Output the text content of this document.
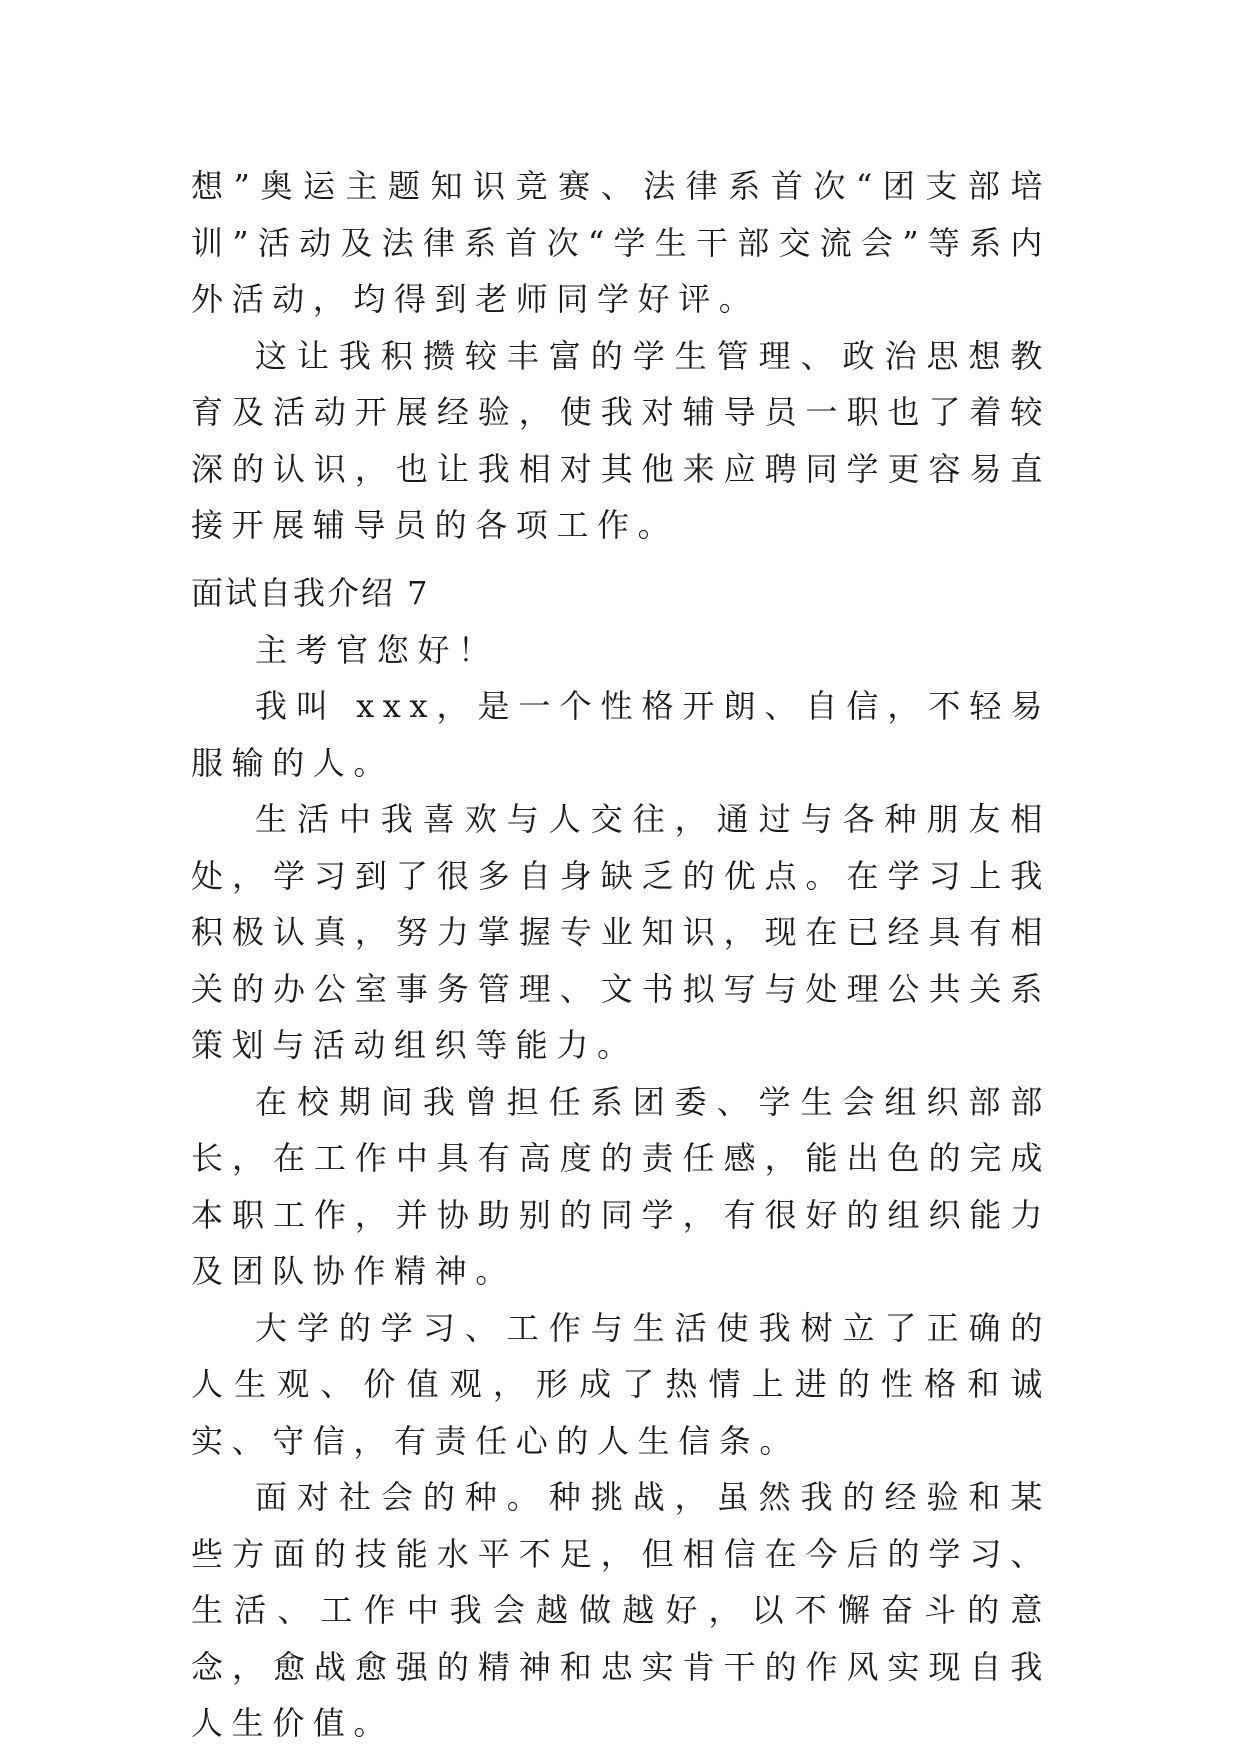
想”奥运主题知识竞赛、法律系首次“团支部培训”活动及法律系首次“学生干部交流会”等系内外活动，均得到老师同学好评。

这让我积攒较丰富的学生管理、政治思想教育及活动开展经验，使我对辅导员一职也了着较深的认识，也让我相对其他来应聘同学更容易直接开展辅导员的各项工作。

面试自我介绍 7

主考官您好！

我叫 xxx，是一个性格开朗、自信，不轻易服输的人。

生活中我喜欢与人交往，通过与各种朋友相处，学习到了很多自身缺乏的优点。在学习上我积极认真，努力掌握专业知识，现在已经具有相关的办公室事务管理、文书拟写与处理公共关系策划与活动组织等能力。

在校期间我曾担任系团委、学生会组织部部长，在工作中具有高度的责任感，能出色的完成本职工作，并协助别的同学，有很好的组织能力及团队协作精神。

大学的学习、工作与生活使我树立了正确的人生观、价值观，形成了热情上进的性格和诚实、守信，有责任心的人生信条。

面对社会的种。种挑战，虽然我的经验和某些方面的技能水平不足，但相信在今后的学习、生活、工作中我会越做越好，以不懈奋斗的意念，愈战愈强的精神和忠实肯干的作风实现自我人生价值。
